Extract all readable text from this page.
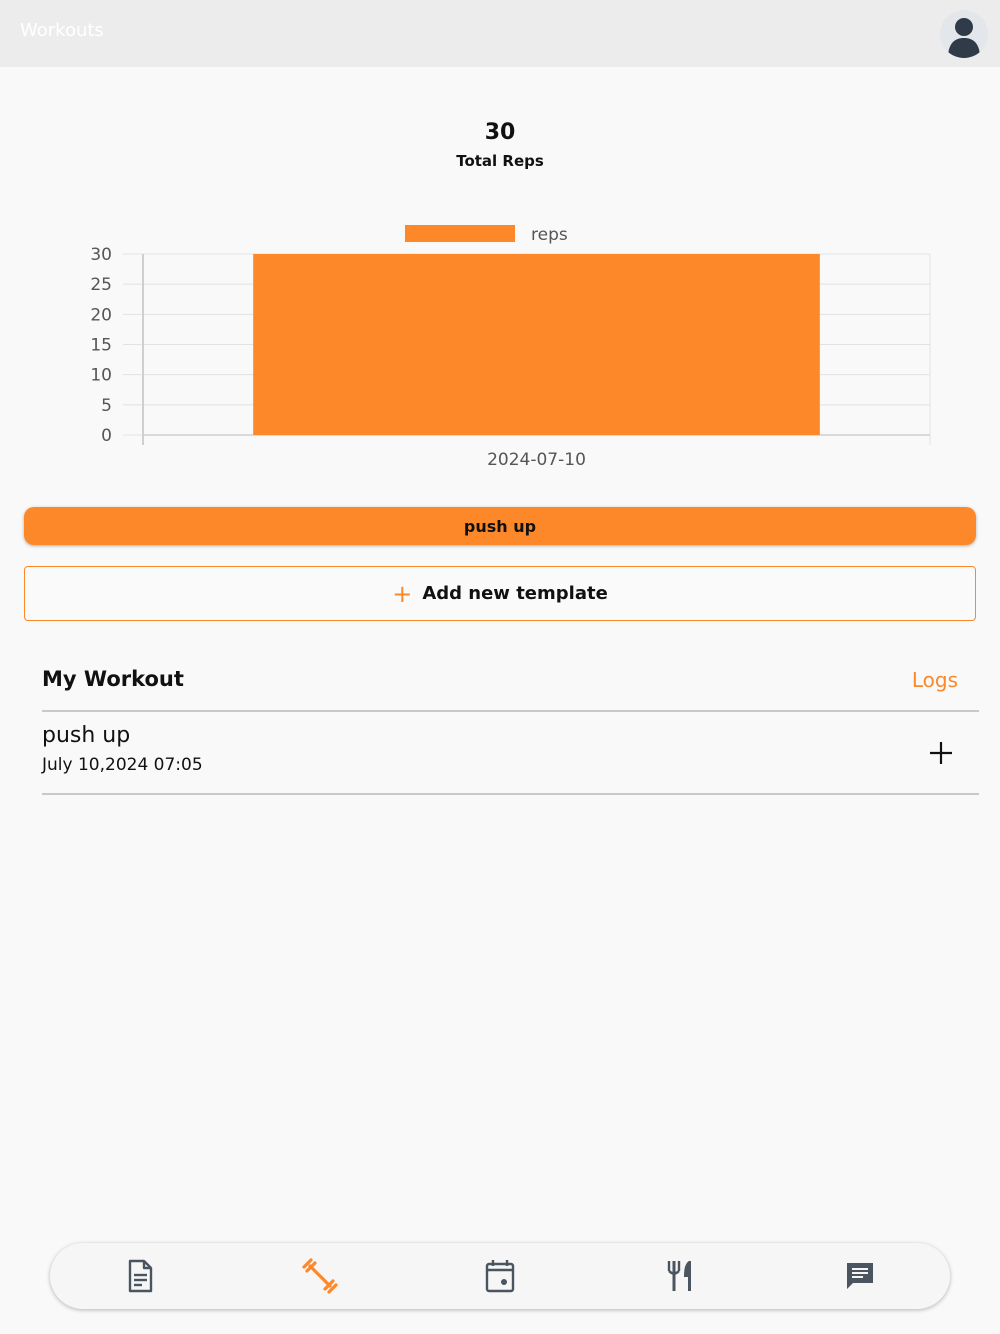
Workouts
30
Total Reps
0
5
10
15
20
25
30
2024-07-10
reps
push up
+ Add new template
My Workout	Logs
push up
July 10,2024 07:05
